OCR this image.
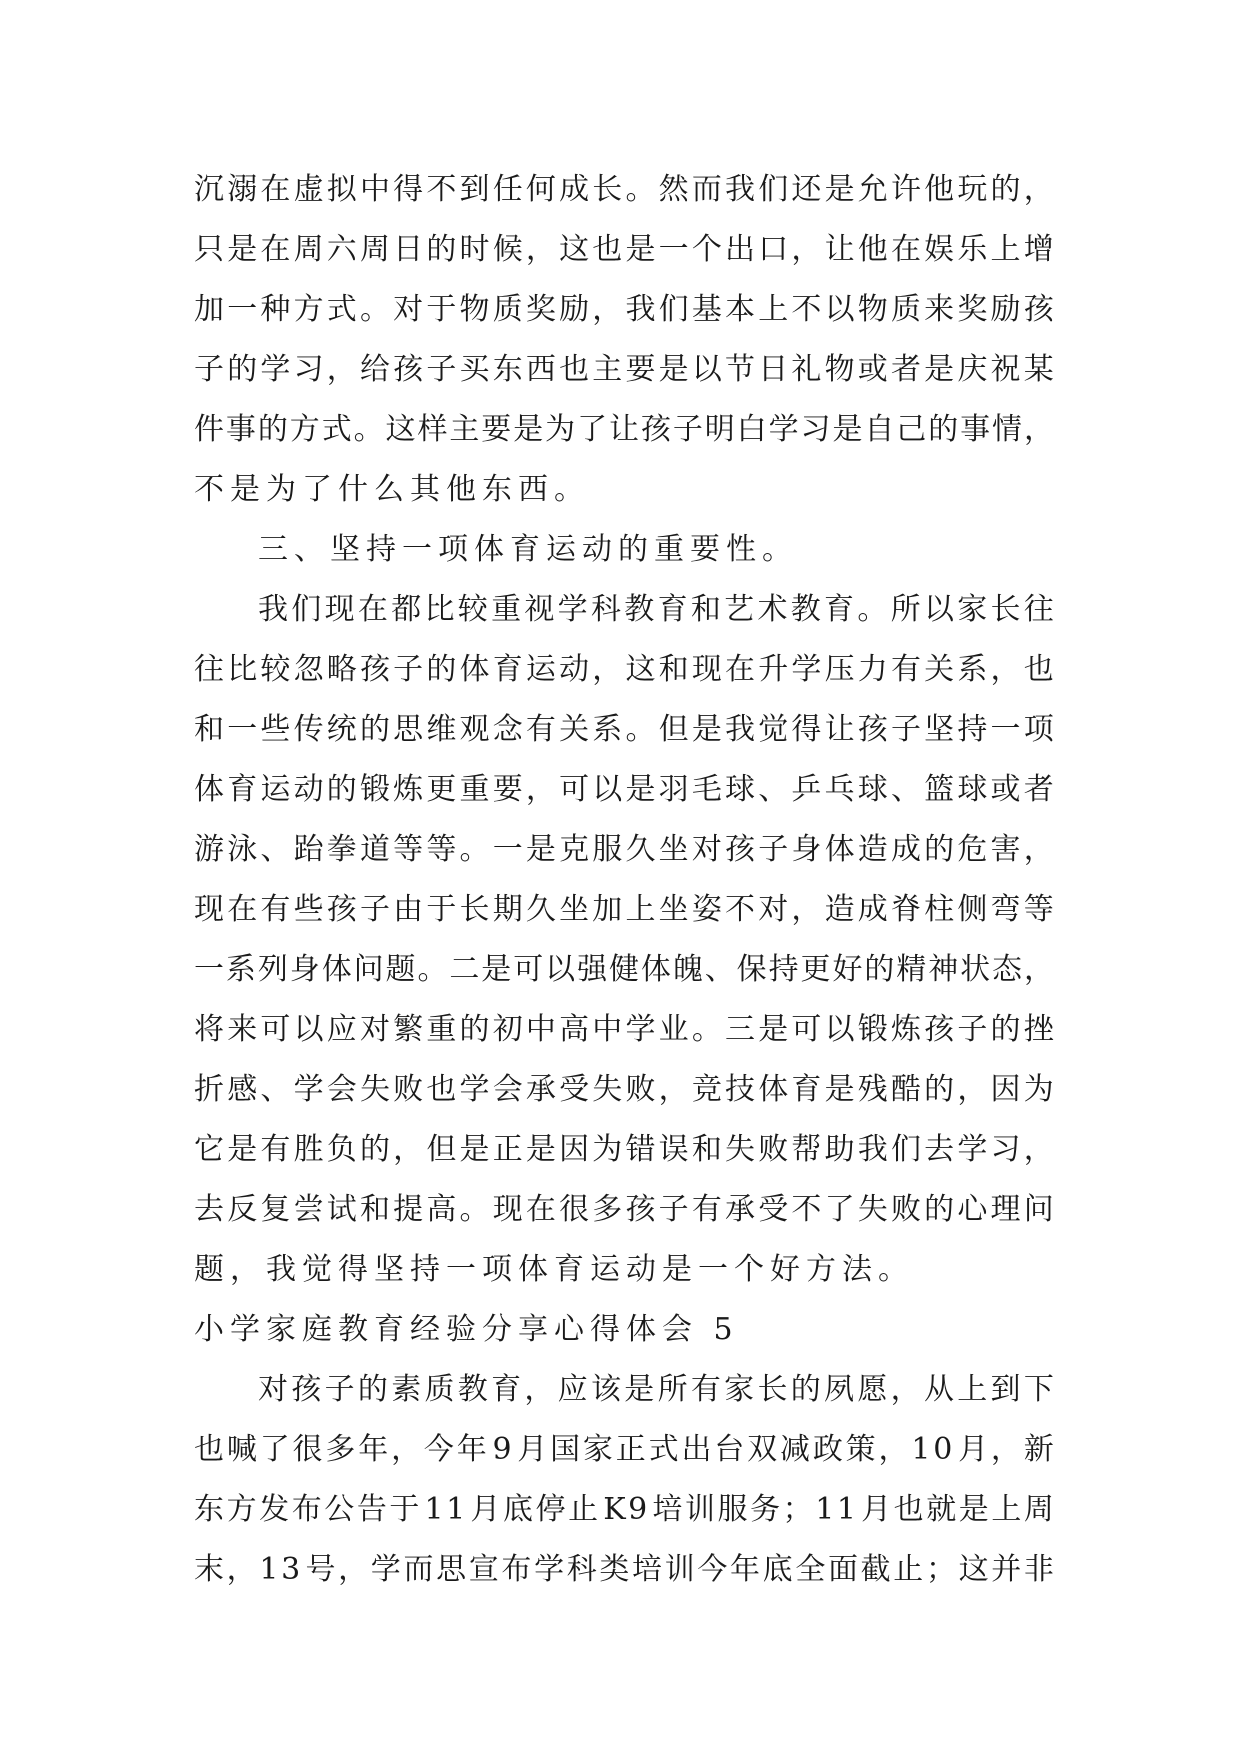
沉 溺 在 虚 拟 中 得 不 到 任 何 成 长 。 然 而 我 们 还 是 允 许 他 玩 的 ，
只 是 在 周 六 周 日 的 时 候 ， 这 也 是 一 个 出 口 ， 让 他 在 娱 乐 上 增
加 一 种 方 式 。 对 于 物 质 奖 励 ， 我 们 基 本 上 不 以 物 质 来 奖 励 孩
子 的 学 习 ， 给 孩 子 买 东 西 也 主 要 是 以 节 日 礼 物 或 者 是 庆 祝 某
件 事 的 方 式 。 这 样 主 要 是 为 了 让 孩 子 明 白 学 习 是 自 己 的 事 情 ，
不是为了什么其他东西。
三、坚持一项体育运动的重要性。
我 们 现 在 都 比 较 重 视 学 科 教 育 和 艺 术 教 育 。 所 以 家 长 往
往 比 较 忽 略 孩 子 的 体 育 运 动 ， 这 和 现 在 升 学 压 力 有 关 系 ， 也
和 一 些 传 统 的 思 维 观 念 有 关 系 。 但 是 我 觉 得 让 孩 子 坚 持 一 项
体 育 运 动 的 锻 炼 更 重 要 ， 可 以 是 羽 毛 球 、 乒 乓 球 、 篮 球 或 者
游 泳 、 跆 拳 道 等 等 。 一 是 克 服 久 坐 对 孩 子 身 体 造 成 的 危 害 ，
现 在 有 些 孩 子 由 于 长 期 久 坐 加 上 坐 姿 不 对 ， 造 成 脊 柱 侧 弯 等
一 系 列 身 体 问 题 。 二 是 可 以 强 健 体 魄 、 保 持 更 好 的 精 神 状 态 ，
将 来 可 以 应 对 繁 重 的 初 中 高 中 学 业 。 三 是 可 以 锻 炼 孩 子 的 挫
折 感 、 学 会 失 败 也 学 会 承 受 失 败 ， 竞 技 体 育 是 残 酷 的 ， 因 为
它 是 有 胜 负 的 ， 但 是 正 是 因 为 错 误 和 失 败 帮 助 我 们 去 学 习 ，
去 反 复 尝 试 和 提 高 。 现 在 很 多 孩 子 有 承 受 不 了 失 败 的 心 理 问
题，我觉得坚持一项体育运动是一个好方法。
小学家庭教育经验分享心得体会 5
对 孩 子 的 素 质 教 育 ， 应 该 是 所 有 家 长 的 夙 愿 ， 从 上 到 下
也 喊 了 很 多 年 ， 今 年 9 月 国 家 正 式 出 台 双 减 政 策 ， 1 0 月 ， 新
东 方 发 布 公 告 于 1 1 月 底 停 止 K 9 培 训 服 务 ； 1 1 月 也 就 是 上 周
末 ， 1 3 号 ， 学 而 思 宣 布 学 科 类 培 训 今 年 底 全 面 截 止 ； 这 并 非
